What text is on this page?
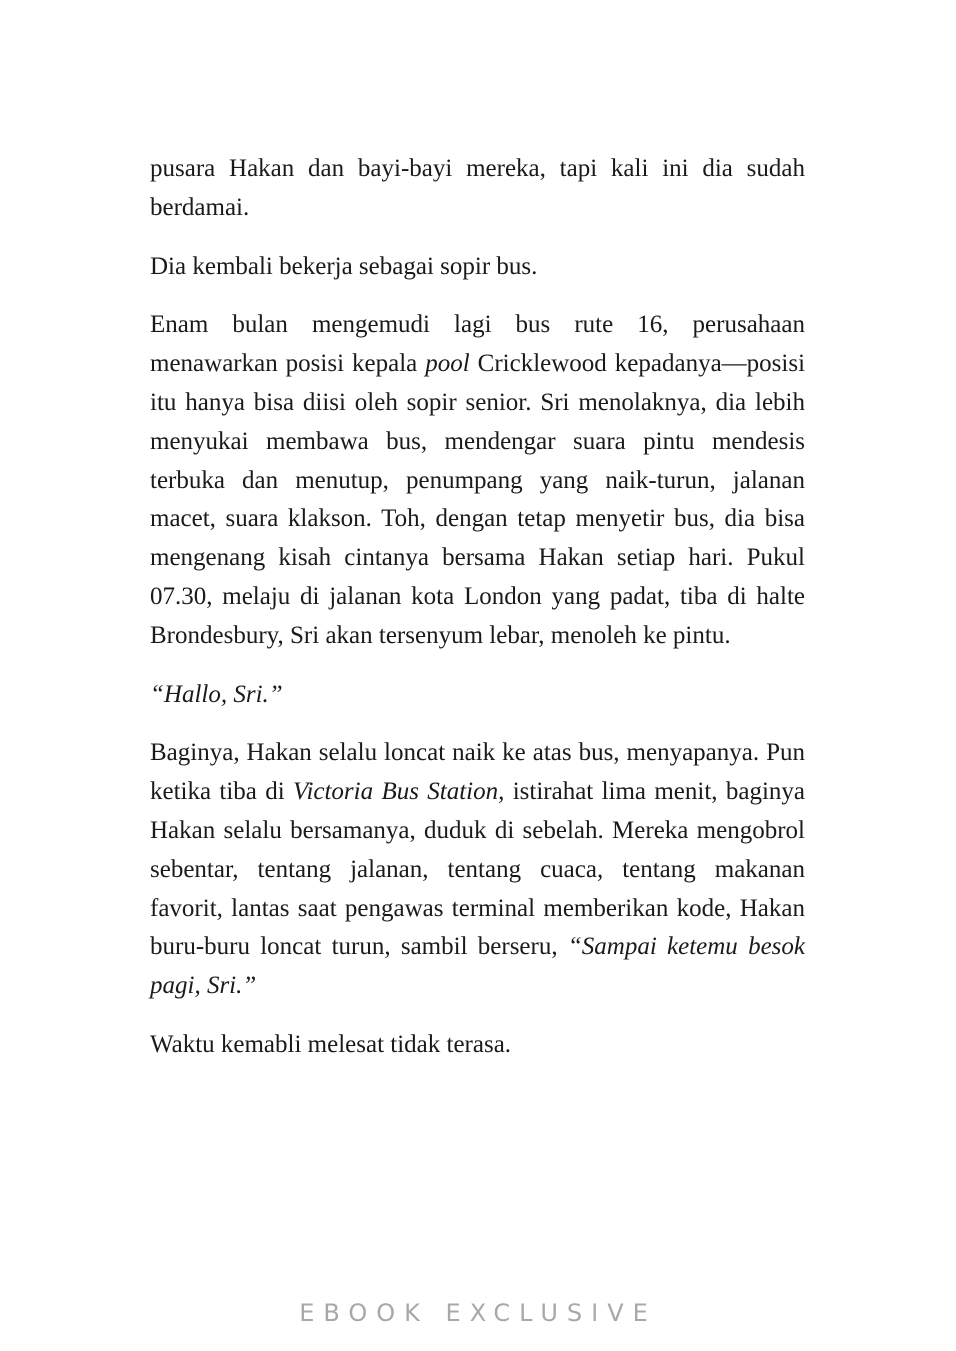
pusara Hakan dan bayi-bayi mereka, tapi kali ini dia sudah berdamai.

Dia kembali bekerja sebagai sopir bus.

Enam bulan mengemudi lagi bus rute 16, perusahaan menawarkan posisi kepala pool Cricklewood kepadanya—posisi itu hanya bisa diisi oleh sopir senior. Sri menolaknya, dia lebih menyukai membawa bus, mendengar suara pintu mendesis terbuka dan menutup, penumpang yang naik-turun, jalanan macet, suara klakson. Toh, dengan tetap menyetir bus, dia bisa mengenang kisah cintanya bersama Hakan setiap hari. Pukul 07.30, melaju di jalanan kota London yang padat, tiba di halte Brondesbury, Sri akan tersenyum lebar, menoleh ke pintu.

“Hallo, Sri.”

Baginya, Hakan selalu loncat naik ke atas bus, menyapanya. Pun ketika tiba di Victoria Bus Station, istirahat lima menit, baginya Hakan selalu bersamanya, duduk di sebelah. Mereka mengobrol sebentar, tentang jalanan, tentang cuaca, tentang makanan favorit, lantas saat pengawas terminal memberikan kode, Hakan buru-buru loncat turun, sambil berseru, “Sampai ketemu besok pagi, Sri.”

Waktu kemabli melesat tidak terasa.

EBOOK EXCLUSIVE
